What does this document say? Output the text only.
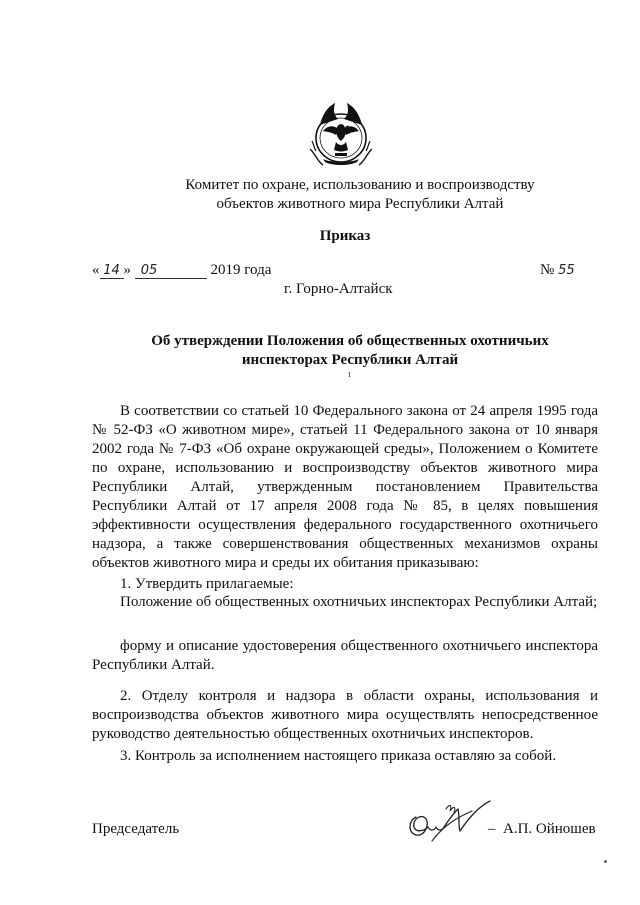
Комитет по охране, использованию и воспроизводству
объектов животного мира Республики Алтай
Приказ
« 14 » 05	2019 года	№ 55
г. Горно-Алтайск
Об утверждении Положения об общественных охотничьих
инспекторах Республики Алтай
ı

В соответствии со статьей 10 Федерального закона от 24 апреля 1995 года № 52-ФЗ «О животном мире», статьей 11 Федерального закона от 10 января 2002 года № 7-ФЗ «Об охране окружающей среды», Положением о Комитете по охране, использованию и воспроизводству объектов животного мира Республики Алтай, утвержденным постановлением Правительства Республики Алтай от 17 апреля 2008 года № 85, в целях повышения эффективности осуществления федерального государственного охотничьего надзора, а также совершенствования общественных механизмов охраны объектов животного мира и среды их обитания приказываю:

1. Утвердить прилагаемые:

Положение об общественных охотничьих инспекторах Республики Алтай;

форму и описание удостоверения общественного охотничьего инспектора Республики Алтай.

2. Отделу контроля и надзора в области охраны, использования и воспроизводства объектов животного мира осуществлять непосредственное руководство деятельностью общественных охотничьих инспекторов.

3. Контроль за исполнением настоящего приказа оставляю за собой.

Председатель	– А.П. Ойношев
